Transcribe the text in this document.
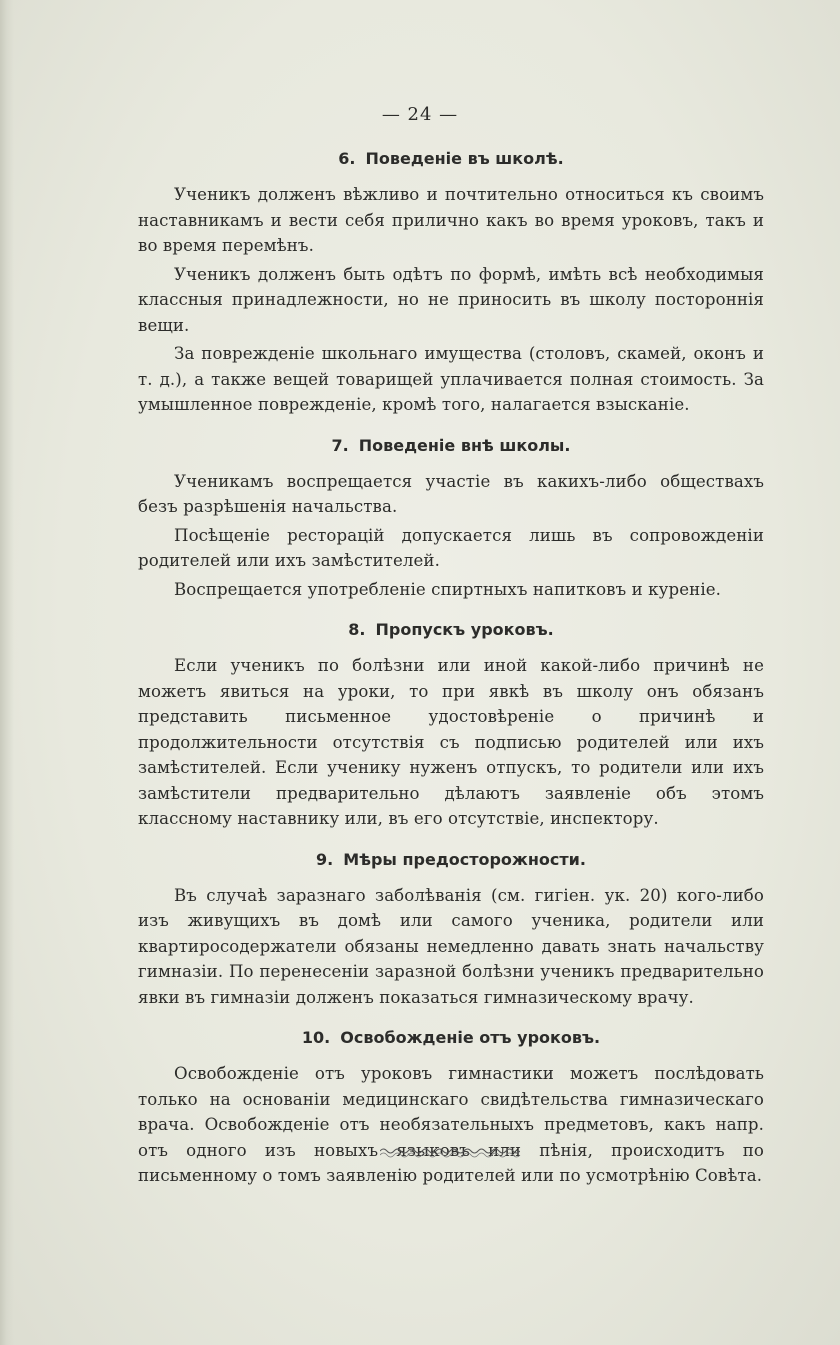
— 24 —
6. Поведеніе въ школѣ.

Ученикъ долженъ вѣжливо и почтительно относиться къ своимъ наставникамъ и вести себя прилично какъ во время уроковъ, такъ и во время перемѣнъ.

Ученикъ долженъ быть одѣтъ по формѣ, имѣть всѣ необходимыя классныя принадлежности, но не приносить въ школу постороннія вещи.

За поврежденіе школьнаго имущества (столовъ, скамей, оконъ и т. д.), а также вещей товарищей уплачивается полная стоимость. За умышленное поврежденіе, кромѣ того, налагается взысканіе.

7. Поведеніе внѣ школы.

Ученикамъ воспрещается участіе въ какихъ-либо обществахъ безъ разрѣшенія начальства.

Посѣщеніе ресторацій допускается лишь въ сопровожденіи родителей или ихъ замѣстителей.

Воспрещается употребленіе спиртныхъ напитковъ и куреніе.

8. Пропускъ уроковъ.

Если ученикъ по болѣзни или иной какой-либо причинѣ не можетъ явиться на уроки, то при явкѣ въ школу онъ обязанъ представить письменное удостовѣреніе о причинѣ и продолжительности отсутствія съ подписью родителей или ихъ замѣстителей. Если ученику нуженъ отпускъ, то родители или ихъ замѣстители предварительно дѣлаютъ заявленіе объ этомъ классному наставнику или, въ его отсутствіе, инспектору.

9. Мѣры предосторожности.

Въ случаѣ заразнаго заболѣванія (см. гигіен. ук. 20) кого-либо изъ живущихъ въ домѣ или самого ученика, родители или квартиросодержатели обязаны немедленно давать знать начальству гимназіи. По перенесеніи заразной болѣзни ученикъ предварительно явки въ гимназіи долженъ показаться гимназическому врачу.

10. Освобожденіе отъ уроковъ.

Освобожденіе отъ уроковъ гимнастики можетъ послѣдовать только на основаніи медицинскаго свидѣтельства гимназическаго врача. Освобожденіе отъ необязательныхъ предметовъ, какъ напр. отъ одного изъ новыхъ языковъ или пѣнія, происходитъ по письменному о томъ заявленію родителей или по усмотрѣнію Совѣта.
